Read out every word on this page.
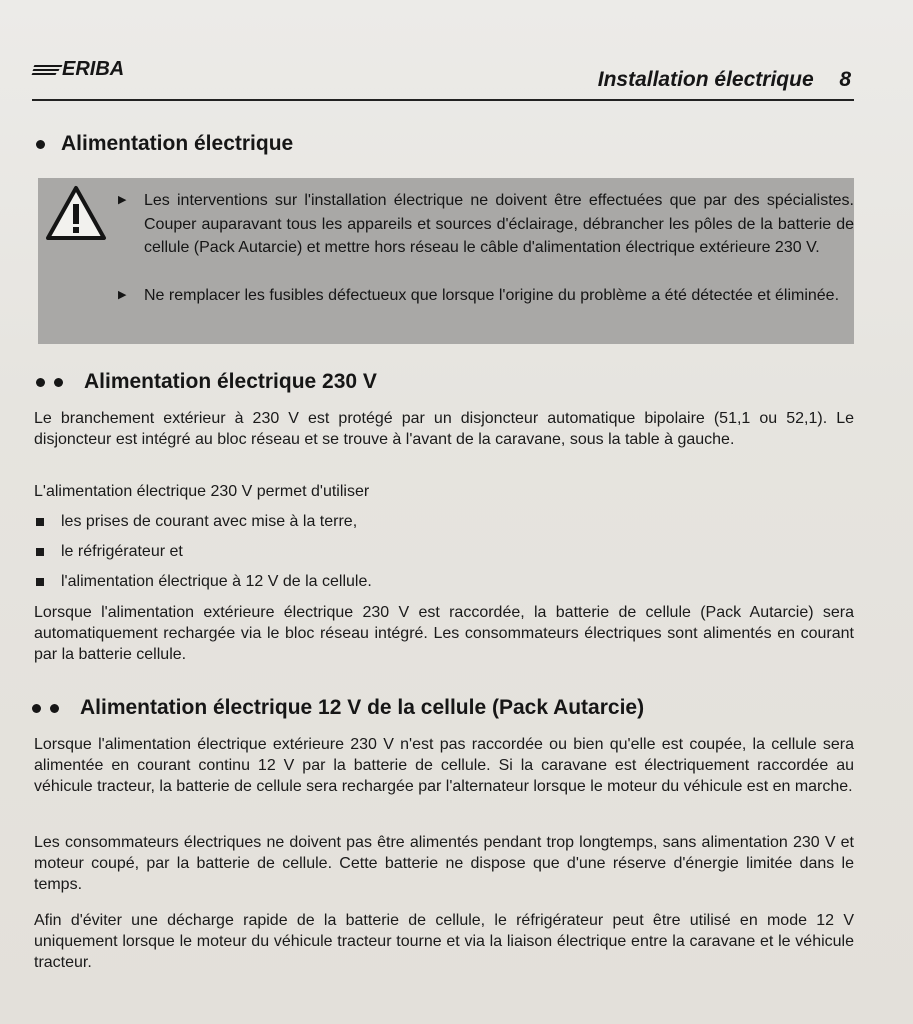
ERIBA	Installation électrique 8
Alimentation électrique
▶ Les interventions sur l'installation électrique ne doivent être effectuées que par des spécialistes. Couper auparavant tous les appareils et sources d'éclairage, débrancher les pôles de la batterie de cellule (Pack Autarcie) et mettre hors réseau le câble d'alimentation électrique extérieure 230 V.
▶ Ne remplacer les fusibles défectueux que lorsque l'origine du problème a été détectée et éliminée.
Alimentation électrique 230 V

Le branchement extérieur à 230 V est protégé par un disjoncteur automatique bipolaire (51,1 ou 52,1). Le disjoncteur est intégré au bloc réseau et se trouve à l'avant de la caravane, sous la table à gauche.

L'alimentation électrique 230 V permet d'utiliser

les prises de courant avec mise à la terre,
le réfrigérateur et
l'alimentation électrique à 12 V de la cellule.

Lorsque l'alimentation extérieure électrique 230 V est raccordée, la batterie de cellule (Pack Autarcie) sera automatiquement rechargée via le bloc réseau intégré. Les consommateurs électriques sont alimentés en courant par la batterie cellule.

Alimentation électrique 12 V de la cellule (Pack Autarcie)

Lorsque l'alimentation électrique extérieure 230 V n'est pas raccordée ou bien qu'elle est coupée, la cellule sera alimentée en courant continu 12 V par la batterie de cellule. Si la caravane est électriquement raccordée au véhicule tracteur, la batterie de cellule sera rechargée par l'alternateur lorsque le moteur du véhicule est en marche.

Les consommateurs électriques ne doivent pas être alimentés pendant trop longtemps, sans alimentation 230 V et moteur coupé, par la batterie de cellule. Cette batterie ne dispose que d'une réserve d'énergie limitée dans le temps.

Afin d'éviter une décharge rapide de la batterie de cellule, le réfrigérateur peut être utilisé en mode 12 V uniquement lorsque le moteur du véhicule tracteur tourne et via la liaison électrique entre la caravane et le véhicule tracteur.
